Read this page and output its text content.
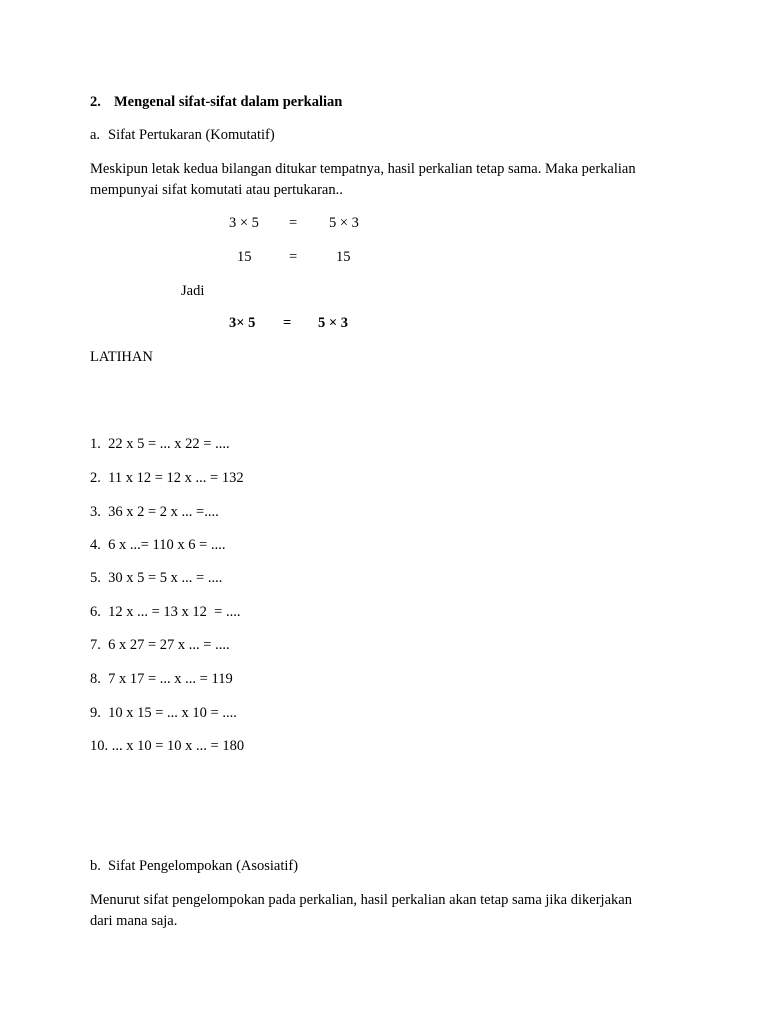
2. Mengenal sifat-sifat dalam perkalian
a. Sifat Pertukaran (Komutatif)
Meskipun letak kedua bilangan ditukar tempatnya, hasil perkalian tetap sama. Maka perkalian
mempunyai sifat komutati atau pertukaran..
3 × 5 = 5 × 3
15	=	15
Jadi
3× 5 = 5 × 3
LATIHAN
1.  22 x 5 = ... x 22 = ....
2.  11 x 12 = 12 x ... = 132
3.  36 x 2 = 2 x ... =....
4.  6 x ...= 110 x 6 = ....
5.  30 x 5 = 5 x ... = ....
6.  12 x ... = 13 x 12  = ....
7.  6 x 27 = 27 x ... = ....
8.  7 x 17 = ... x ... = 119
9.  10 x 15 = ... x 10 = ....
10. ... x 10 = 10 x ... = 180
b. Sifat Pengelompokan (Asosiatif)
Menurut sifat pengelompokan pada perkalian, hasil perkalian akan tetap sama jika dikerjakan
dari mana saja.
